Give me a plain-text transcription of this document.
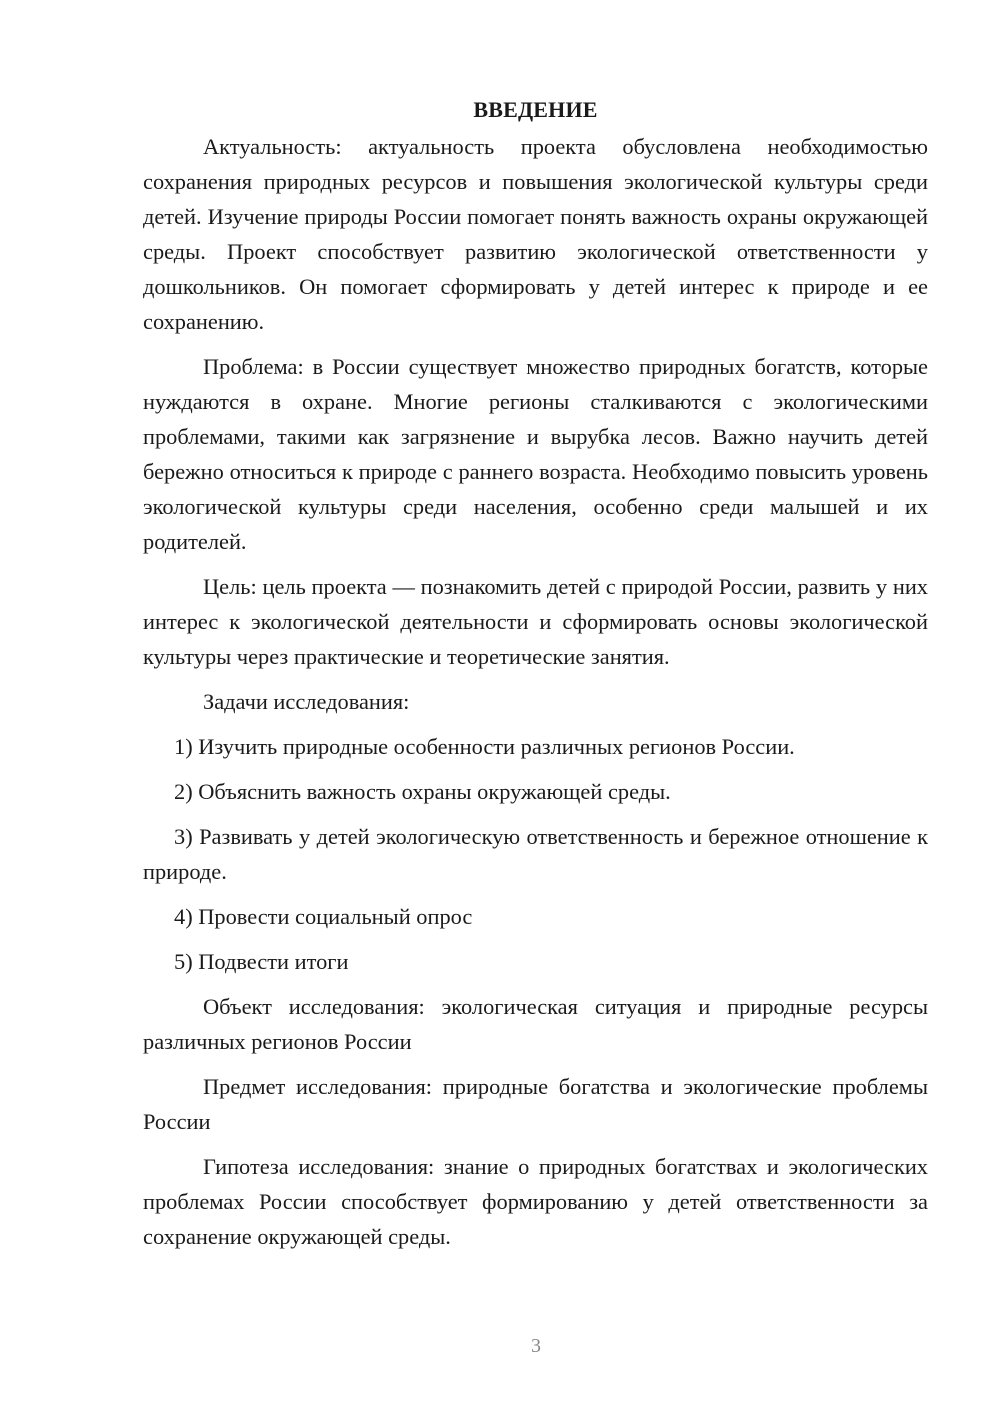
ВВЕДЕНИЕ

Актуальность: актуальность проекта обусловлена необходимостью сохранения природных ресурсов и повышения экологической культуры среди детей. Изучение природы России помогает понять важность охраны окружающей среды. Проект способствует развитию экологической ответственности у дошкольников. Он помогает сформировать у детей интерес к природе и ее сохранению.

Проблема: в России существует множество природных богатств, которые нуждаются в охране. Многие регионы сталкиваются с экологическими проблемами, такими как загрязнение и вырубка лесов. Важно научить детей бережно относиться к природе с раннего возраста. Необходимо повысить уровень экологической культуры среди населения, особенно среди малышей и их родителей.

Цель: цель проекта — познакомить детей с природой России, развить у них интерес к экологической деятельности и сформировать основы экологической культуры через практические и теоретические занятия.

Задачи исследования:

1) Изучить природные особенности различных регионов России.

2) Объяснить важность охраны окружающей среды.

3) Развивать у детей экологическую ответственность и бережное отношение к природе.

4) Провести социальный опрос

5) Подвести итоги

Объект исследования: экологическая ситуация и природные ресурсы различных регионов России

Предмет исследования: природные богатства и экологические проблемы России

Гипотеза исследования: знание о природных богатствах и экологических проблемах России способствует формированию у детей ответственности за сохранение окружающей среды.

3
